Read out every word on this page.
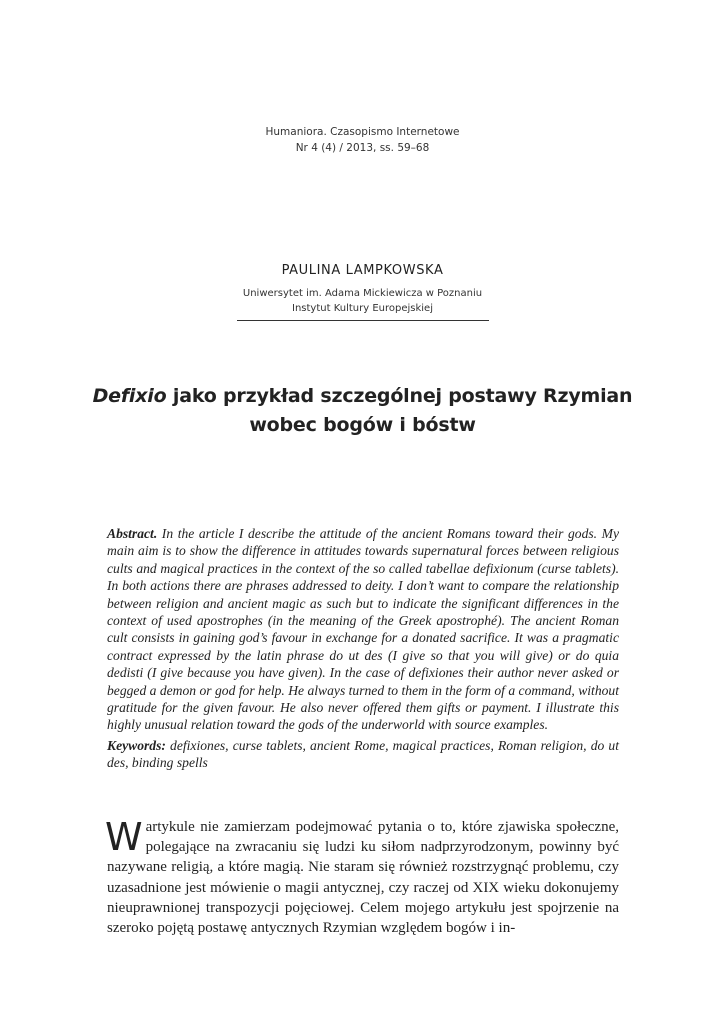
Humaniora. Czasopismo Internetowe
Nr 4 (4) / 2013, ss. 59–68
PAULINA LAMPKOWSKA
Uniwersytet im. Adama Mickiewicza w Poznaniu
Instytut Kultury Europejskiej
Defixio jako przykład szczególnej postawy Rzymian
wobec bogów i bóstw
Abstract. In the article I describe the attitude of the ancient Romans toward their gods. My main aim is to show the difference in attitudes towards supernatural forces between religious cults and magical practices in the context of the so called tabellae defixionum (curse tablets). In both actions there are phrases addressed to deity. I don’t want to compare the relationship between religion and ancient magic as such but to indicate the significant differences in the context of used apostrophes (in the meaning of the Greek apostrophé). The ancient Roman cult consists in gaining god’s favour in exchange for a donated sacrifice. It was a pragmatic contract expressed by the latin phrase do ut des (I give so that you will give) or do quia dedisti (I give because you have given). In the case of defixiones their author never asked or begged a demon or god for help. He always turned to them in the form of a command, without gratitude for the given favour. He also never offered them gifts or payment. I illustrate this highly unusual relation toward the gods of the underworld with source examples.
Keywords: defixiones, curse tablets, ancient Rome, magical practices, Roman religion, do ut des, binding spells
Wartykule nie zamierzam podejmować pytania o to, które zjawiska społeczne, polegające na zwracaniu się ludzi ku siłom nadprzyrodzonym, powinny być nazywane religią, a które magią. Nie staram się również rozstrzygnąć problemu, czy uzasadnione jest mówienie o magii antycznej, czy raczej od XIX wieku dokonujemy nieuprawnionej transpozycji pojęciowej. Celem mojego artykułu jest spojrzenie na szeroko pojętą postawę antycznych Rzymian względem bogów i in-
